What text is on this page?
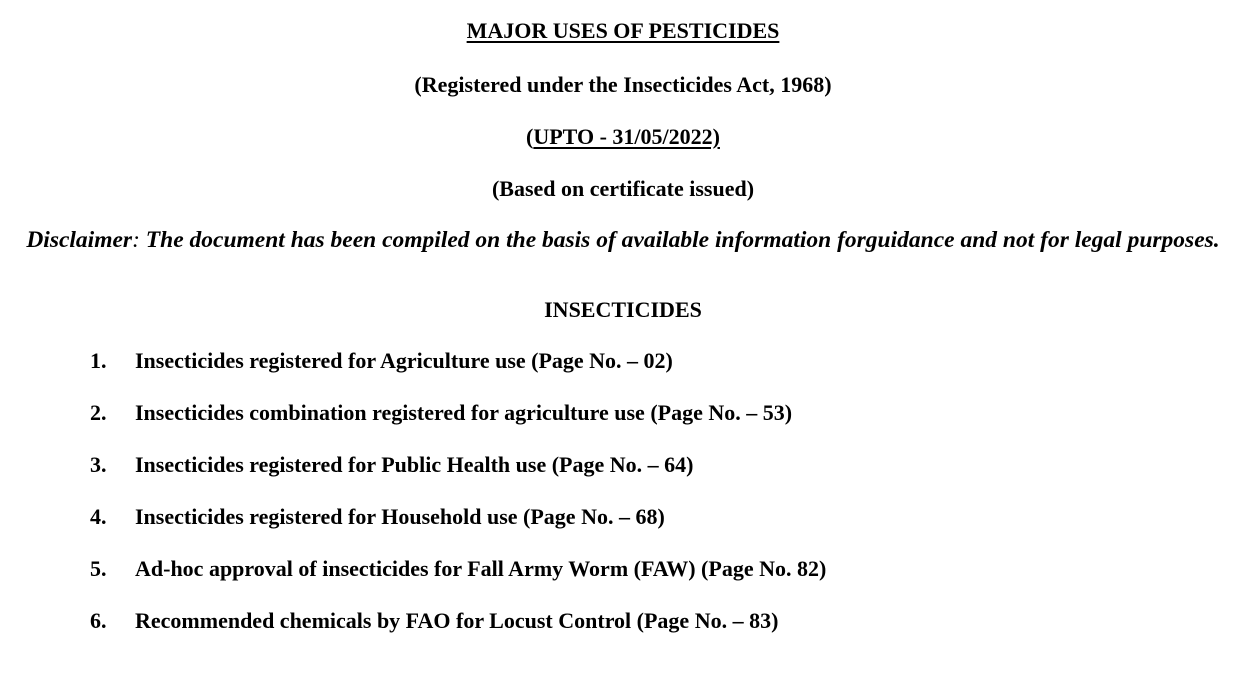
MAJOR USES OF PESTICIDES
(Registered under the Insecticides Act, 1968)
(UPTO - 31/05/2022)
(Based on certificate issued)
Disclaimer: The document has been compiled on the basis of available information forguidance and not for legal purposes.
INSECTICIDES
1.	Insecticides registered for Agriculture use (Page No. – 02)
2.	Insecticides combination registered for agriculture use (Page No. – 53)
3.	Insecticides registered for Public Health use (Page No. – 64)
4.	Insecticides registered for Household use (Page No. – 68)
5.	Ad-hoc approval of insecticides for Fall Army Worm (FAW) (Page No. 82)
6.	Recommended chemicals by FAO for Locust Control (Page No. – 83)
